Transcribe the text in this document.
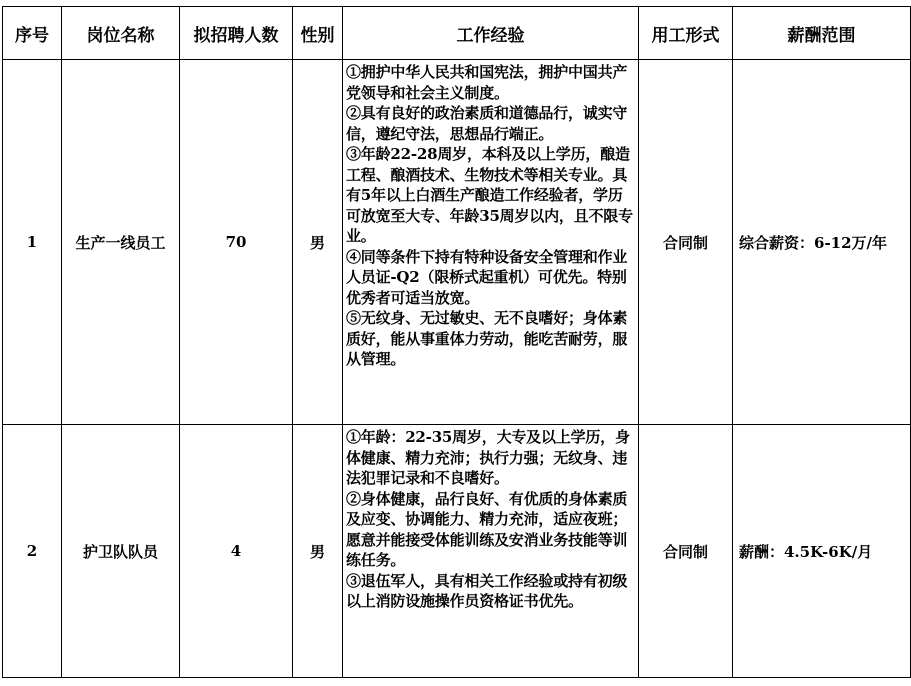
序号	岗位名称	拟招聘人数	性别	工作经验	用工形式	薪酬范围
1	生产一线员工	70	男	①拥护中华人民共和国宪法，拥护中国共产党领导和社会主义制度。
②具有良好的政治素质和道德品行，诚实守信，遵纪守法，思想品行端正。
③年龄22-28周岁，本科及以上学历，酿造工程、酿酒技术、生物技术等相关专业。具有5年以上白酒生产酿造工作经验者，学历可放宽至大专、年龄35周岁以内，且不限专业。
④同等条件下持有特种设备安全管理和作业人员证-Q2（限桥式起重机）可优先。特别优秀者可适当放宽。
⑤无纹身、无过敏史、无不良嗜好；身体素质好，能从事重体力劳动，能吃苦耐劳，服从管理。	合同制	综合薪资：6-12万/年
2	护卫队队员	4	男	①年龄：22-35周岁，大专及以上学历，身体健康、精力充沛；执行力强；无纹身、违法犯罪记录和不良嗜好。
②身体健康，品行良好、有优质的身体素质及应变、协调能力、精力充沛，适应夜班；愿意并能接受体能训练及安消业务技能等训练任务。
③退伍军人，具有相关工作经验或持有初级以上消防设施操作员资格证书优先。	合同制	薪酬：4.5K-6K/月
